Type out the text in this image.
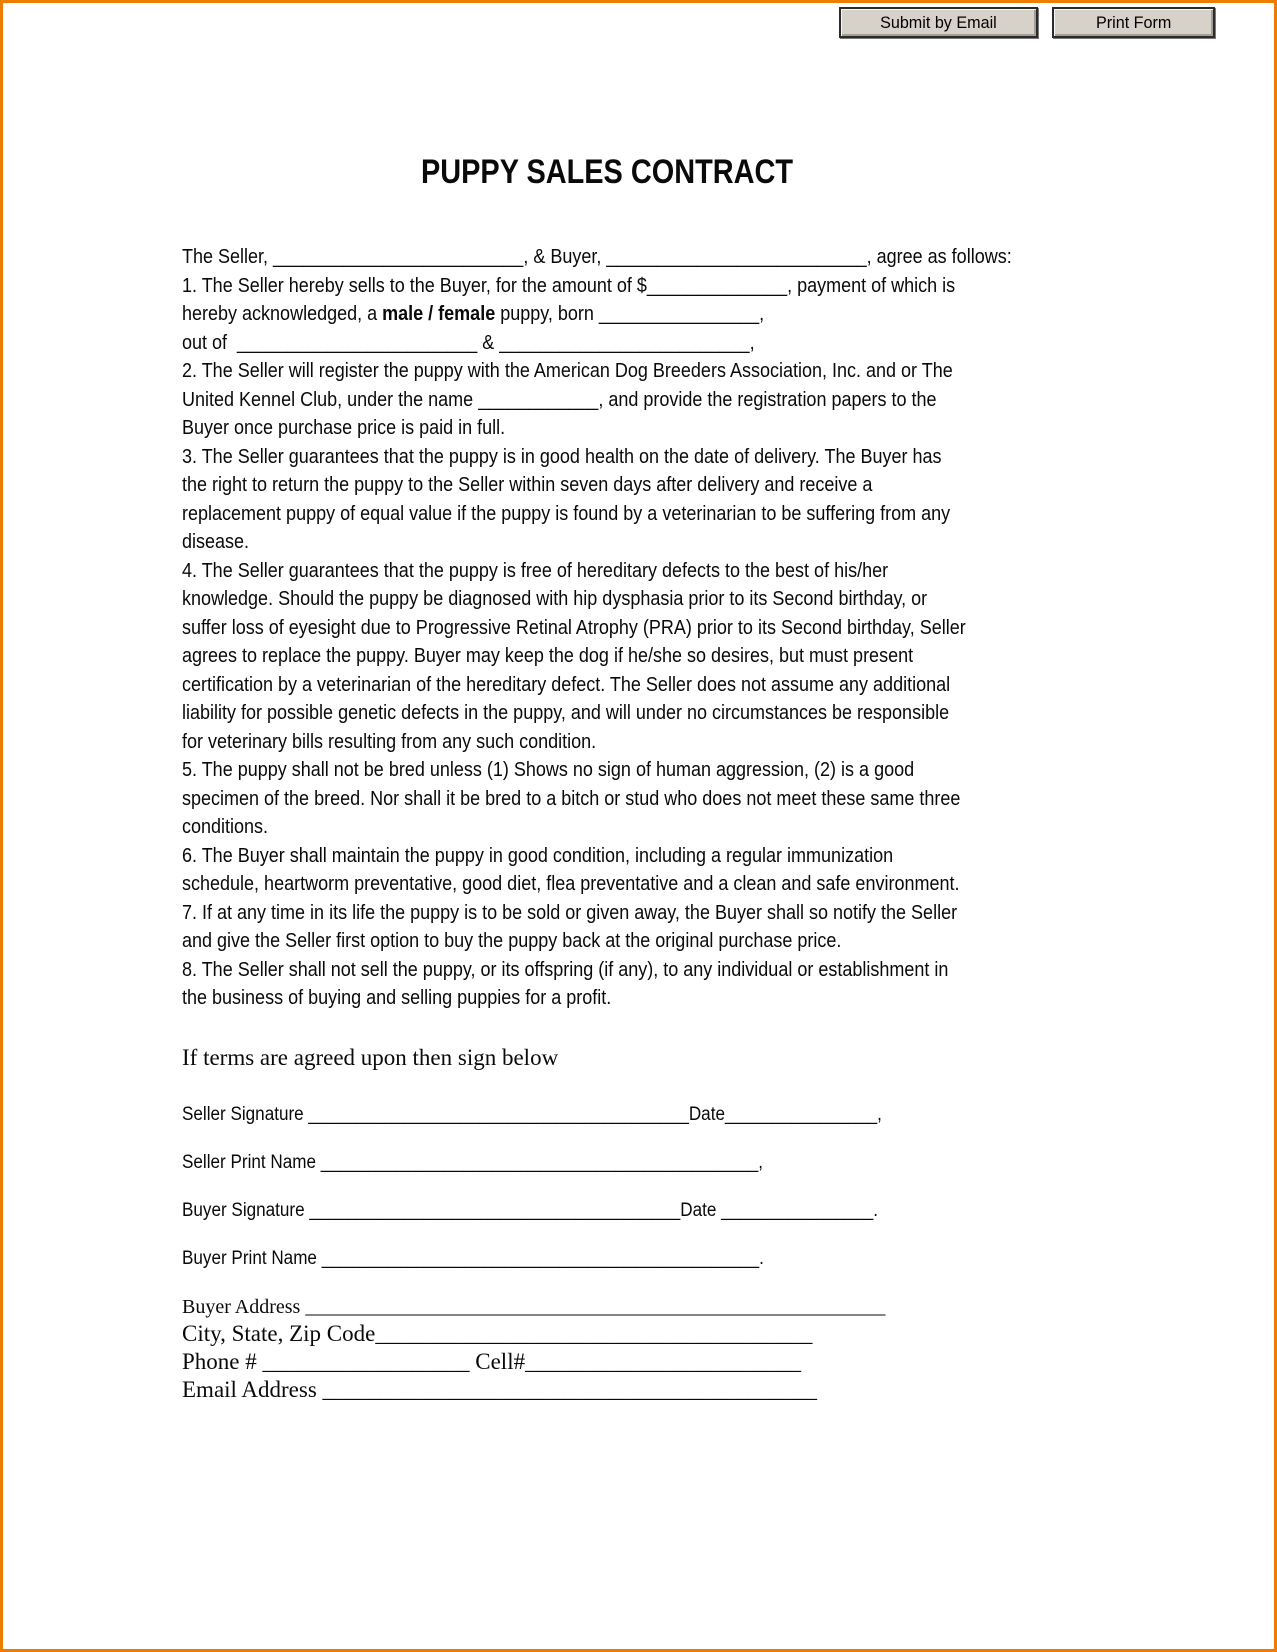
Submit by Email	Print Form
PUPPY SALES CONTRACT
The Seller, _________________________, & Buyer, __________________________, agree as follows:
1. The Seller hereby sells to the Buyer, for the amount of $______________, payment of which is
hereby acknowledged, a male / female puppy, born ________________,
out of  ________________________ & _________________________,
2. The Seller will register the puppy with the American Dog Breeders Association, Inc. and or The
United Kennel Club, under the name ____________, and provide the registration papers to the
Buyer once purchase price is paid in full.
3. The Seller guarantees that the puppy is in good health on the date of delivery. The Buyer has
the right to return the puppy to the Seller within seven days after delivery and receive a
replacement puppy of equal value if the puppy is found by a veterinarian to be suffering from any
disease.
4. The Seller guarantees that the puppy is free of hereditary defects to the best of his/her
knowledge. Should the puppy be diagnosed with hip dysphasia prior to its Second birthday, or
suffer loss of eyesight due to Progressive Retinal Atrophy (PRA) prior to its Second birthday, Seller
agrees to replace the puppy. Buyer may keep the dog if he/she so desires, but must present
certification by a veterinarian of the hereditary defect. The Seller does not assume any additional
liability for possible genetic defects in the puppy, and will under no circumstances be responsible
for veterinary bills resulting from any such condition.
5. The puppy shall not be bred unless (1) Shows no sign of human aggression, (2) is a good
specimen of the breed. Nor shall it be bred to a bitch or stud who does not meet these same three
conditions.
6. The Buyer shall maintain the puppy in good condition, including a regular immunization
schedule, heartworm preventative, good diet, flea preventative and a clean and safe environment.
7. If at any time in its life the puppy is to be sold or given away, the Buyer shall so notify the Seller
and give the Seller first option to buy the puppy back at the original purchase price.
8. The Seller shall not sell the puppy, or its offspring (if any), to any individual or establishment in
the business of buying and selling puppies for a profit.
If terms are agreed upon then sign below
Seller Signature ________________________________________Date________________,
Seller Print Name ______________________________________________,
Buyer Signature _______________________________________Date ________________.
Buyer Print Name ______________________________________________.
Buyer Address __________________________________________________________
City, State, Zip Code______________________________________
Phone # __________________ Cell#________________________
Email Address ___________________________________________
